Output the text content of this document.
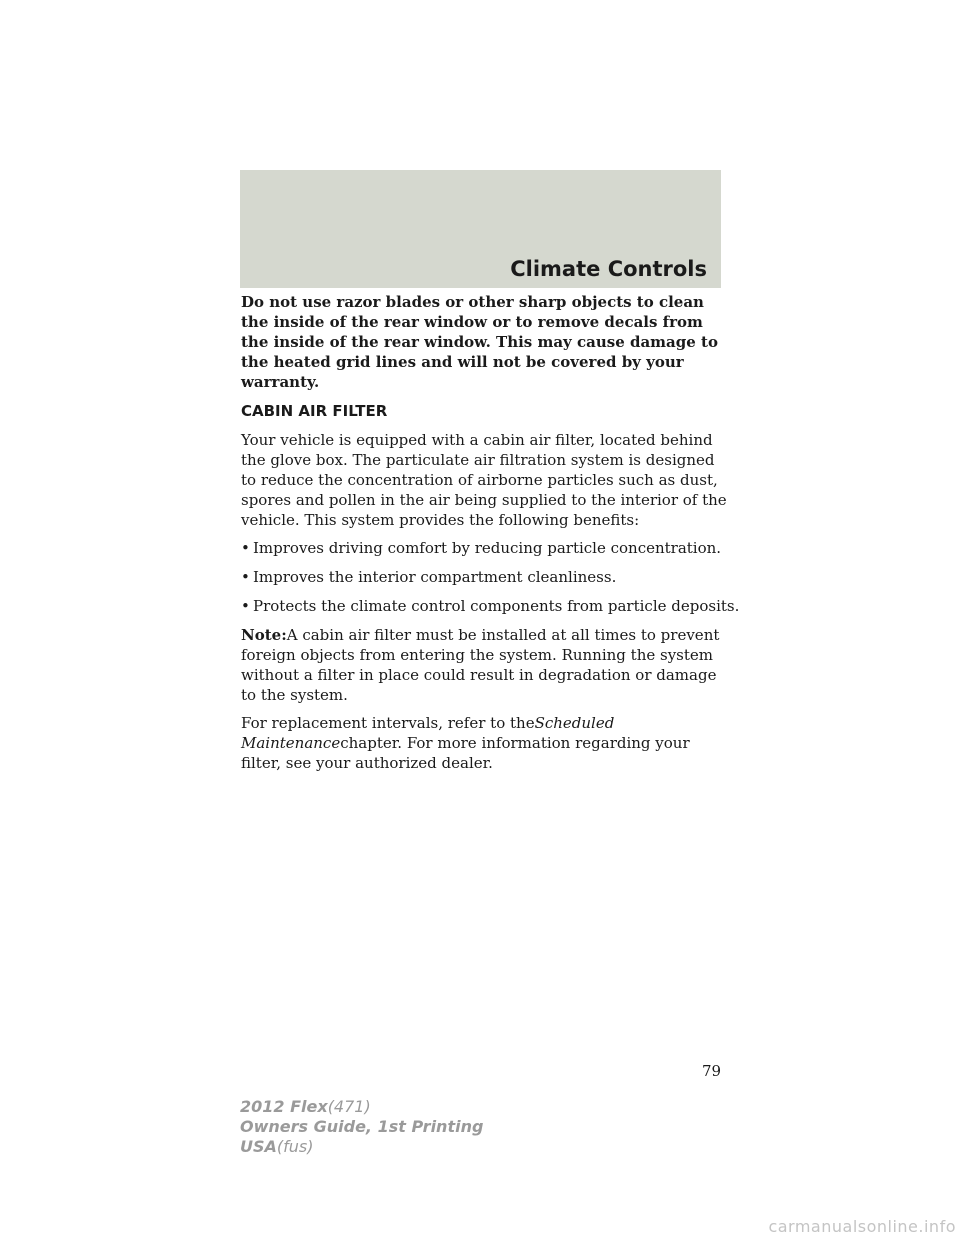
Climate Controls

Do not use razor blades or other sharp objects to clean the inside of the rear window or to remove decals from the inside of the rear window. This may cause damage to the heated grid lines and will not be covered by your warranty.

CABIN AIR FILTER

Your vehicle is equipped with a cabin air filter, located behind the glove box. The particulate air filtration system is designed to reduce the concentration of airborne particles such as dust, spores and pollen in the air being supplied to the interior of the vehicle. This system provides the following benefits:

• Improves driving comfort by reducing particle concentration.
• Improves the interior compartment cleanliness.
• Protects the climate control components from particle deposits.

Note:A cabin air filter must be installed at all times to prevent foreign objects from entering the system. Running the system without a filter in place could result in degradation or damage to the system.

For replacement intervals, refer to theScheduled Maintenancechapter. For more information regarding your filter, see your authorized dealer.

79
2012 Flex(471)
Owners Guide, 1st Printing
USA(fus)
carmanualsonline.info
